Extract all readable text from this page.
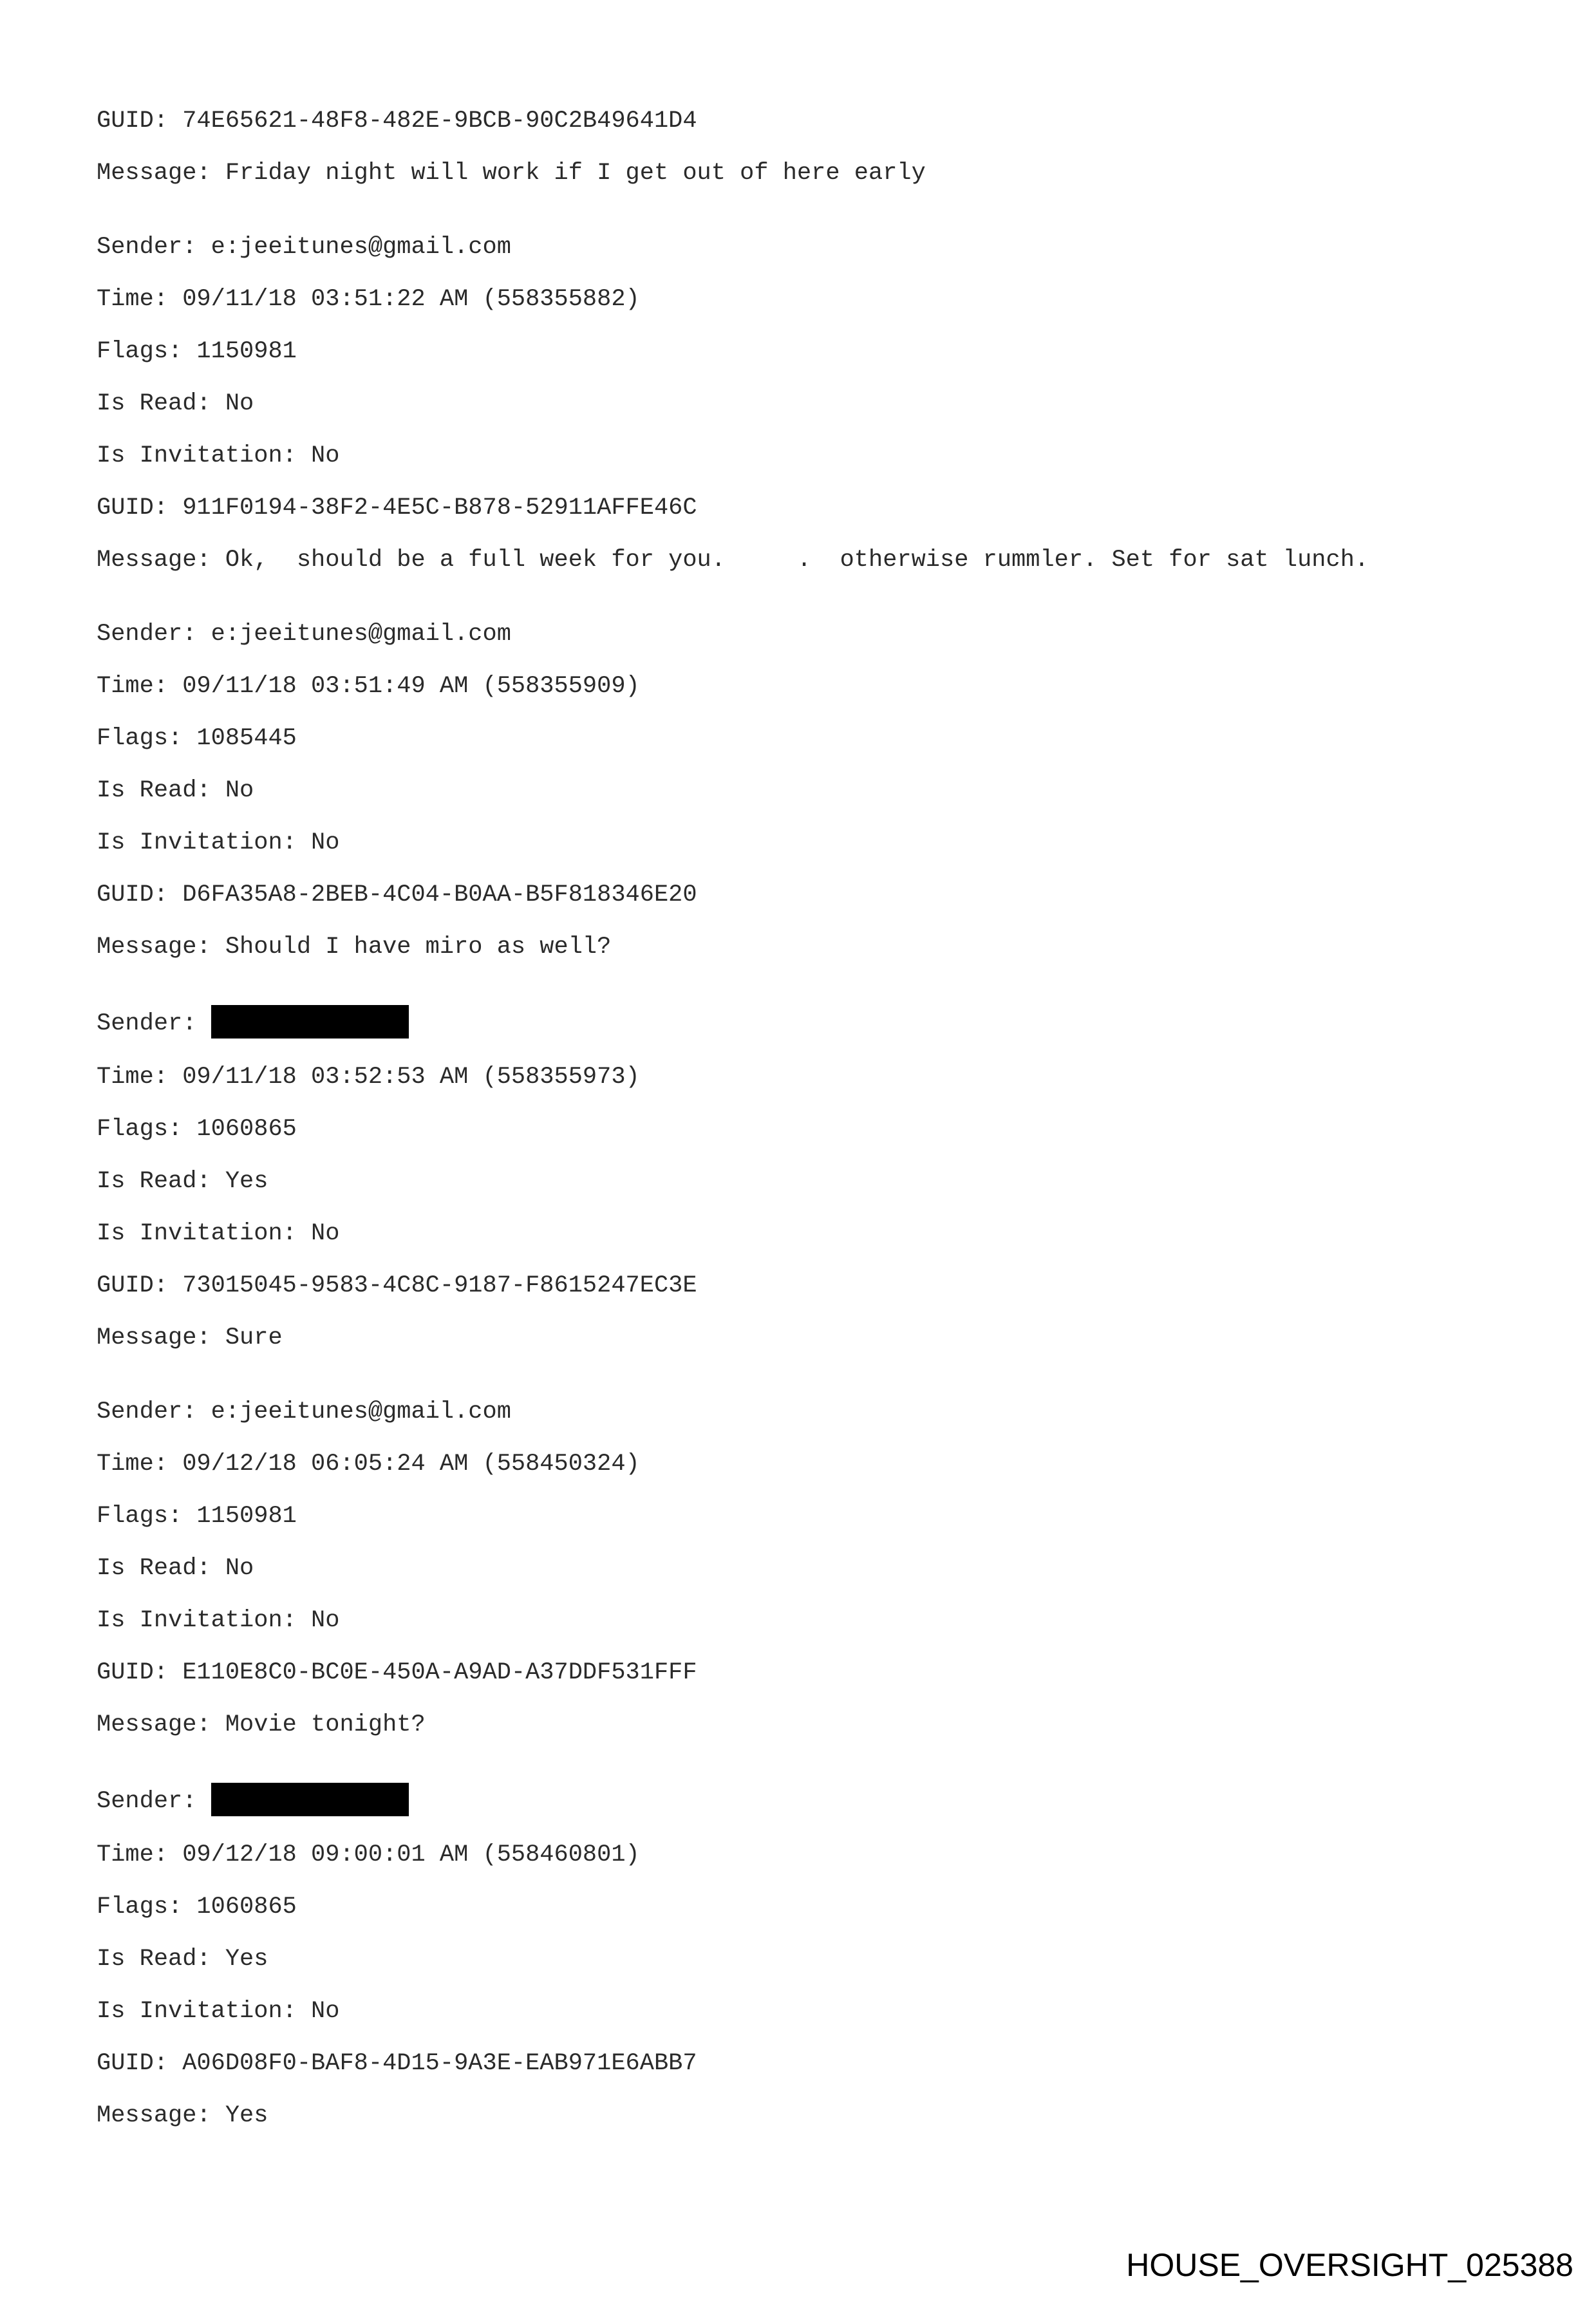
GUID: 74E65621-48F8-482E-9BCB-90C2B49641D4
Message: Friday night will work if I get out of here early
Sender: e:jeeitunes@gmail.com
Time: 09/11/18 03:51:22 AM (558355882)
Flags: 1150981
Is Read: No
Is Invitation: No
GUID: 911F0194-38F2-4E5C-B878-52911AFFE46C
Message: Ok,  should be a full week for you.     .  otherwise rummler. Set for sat lunch.
Sender: e:jeeitunes@gmail.com
Time: 09/11/18 03:51:49 AM (558355909)
Flags: 1085445
Is Read: No
Is Invitation: No
GUID: D6FA35A8-2BEB-4C04-B0AA-B5F818346E20
Message: Should I have miro as well?
Sender:
Time: 09/11/18 03:52:53 AM (558355973)
Flags: 1060865
Is Read: Yes
Is Invitation: No
GUID: 73015045-9583-4C8C-9187-F8615247EC3E
Message: Sure
Sender: e:jeeitunes@gmail.com
Time: 09/12/18 06:05:24 AM (558450324)
Flags: 1150981
Is Read: No
Is Invitation: No
GUID: E110E8C0-BC0E-450A-A9AD-A37DDF531FFF
Message: Movie tonight?
Sender:
Time: 09/12/18 09:00:01 AM (558460801)
Flags: 1060865
Is Read: Yes
Is Invitation: No
GUID: A06D08F0-BAF8-4D15-9A3E-EAB971E6ABB7
Message: Yes
HOUSE_OVERSIGHT_025388
